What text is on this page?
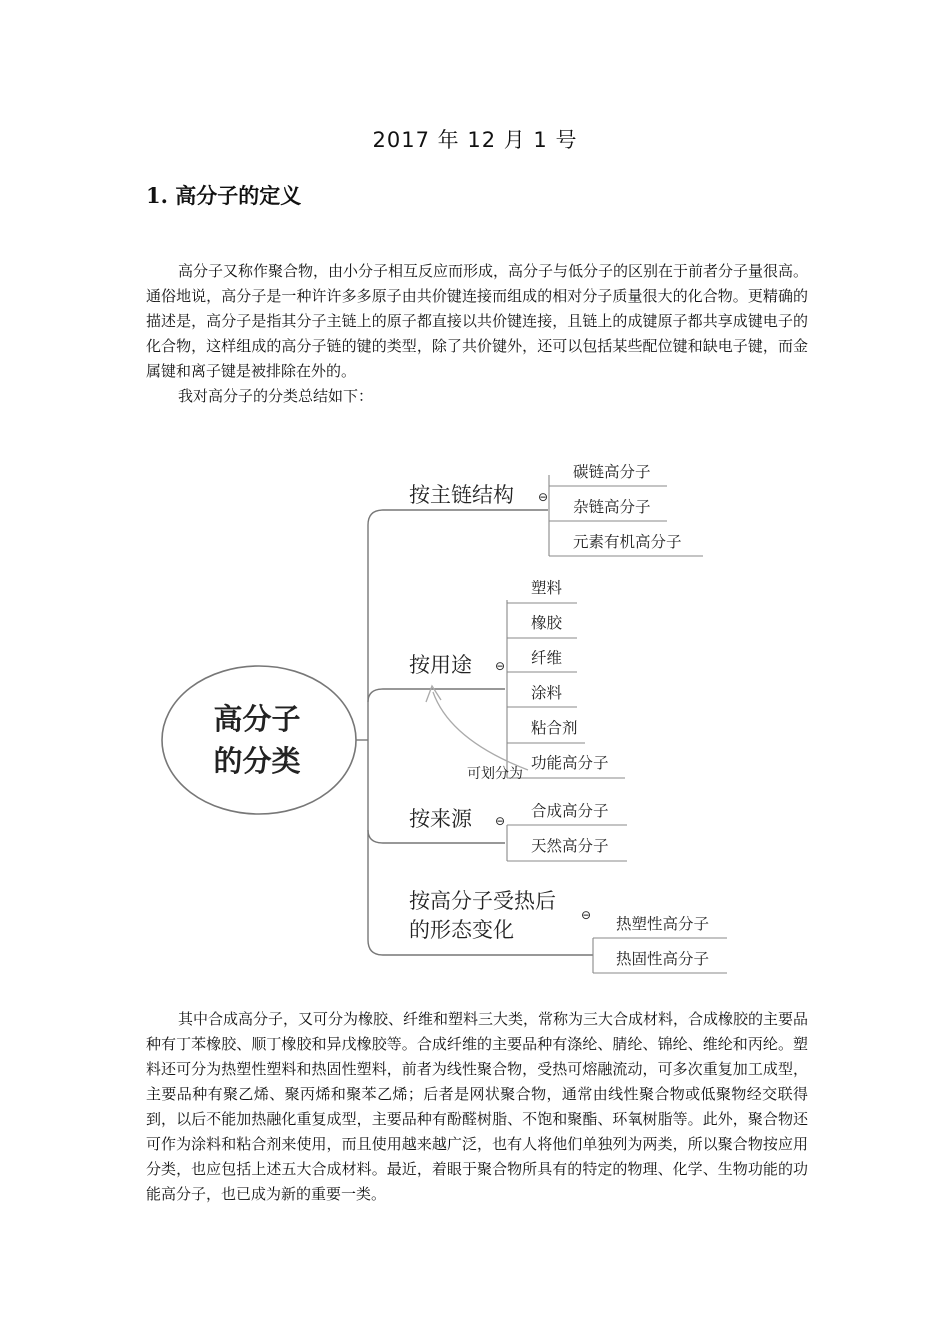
2017 年 12 月 1 号
1. 高分子的定义

高分子又称作聚合物，由小分子相互反应而形成，高分子与低分子的区别在于前者分子量很高。通俗地说，高分子是一种许许多多原子由共价键连接而组成的相对分子质量很大的化合物。更精确的描述是，高分子是指其分子主链上的原子都直接以共价键连接，且链上的成键原子都共享成键电子的化合物，这样组成的高分子链的键的类型，除了共价键外，还可以包括某些配位键和缺电子键，而金属键和离子键是被排除在外的。

我对高分子的分类总结如下：

高分子
的分类
按主链结构 ⊖
碳链高分子
杂链高分子
元素有机高分子
按用途 ⊖
塑料
橡胶
纤维
涂料
粘合剂
功能高分子
可划分为
按来源 ⊖
合成高分子
天然高分子
按高分子受热后
的形态变化
⊖ 热塑性高分子
热固性高分子

其中合成高分子，又可分为橡胶、纤维和塑料三大类，常称为三大合成材料，合成橡胶的主要品种有丁苯橡胶、顺丁橡胶和异戊橡胶等。合成纤维的主要品种有涤纶、腈纶、锦纶、维纶和丙纶。塑料还可分为热塑性塑料和热固性塑料，前者为线性聚合物，受热可熔融流动，可多次重复加工成型，主要品种有聚乙烯、聚丙烯和聚苯乙烯；后者是网状聚合物，通常由线性聚合物或低聚物经交联得到，以后不能加热融化重复成型，主要品种有酚醛树脂、不饱和聚酯、环氧树脂等。此外，聚合物还可作为涂料和粘合剂来使用，而且使用越来越广泛，也有人将他们单独列为两类，所以聚合物按应用分类，也应包括上述五大合成材料。最近，着眼于聚合物所具有的特定的物理、化学、生物功能的功能高分子，也已成为新的重要一类。
